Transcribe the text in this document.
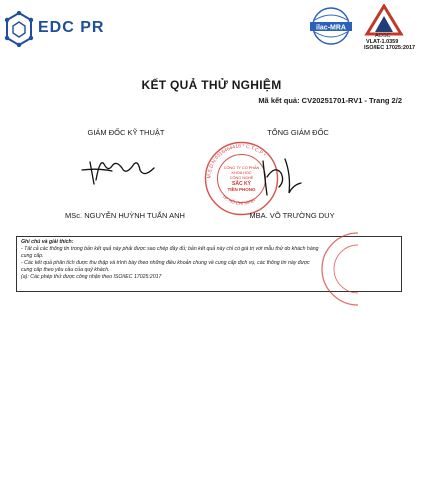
EDC PR	ilac-MRA
AOSC
VLAT-1.0359
ISO/IEC 17025:2017
KẾT QUẢ THỬ NGHIỆM
Mã kết quả: CV20251701-RV1 - Trang 2/2
GIÁM ĐỐC KỸ THUẬT	TỔNG GIÁM ĐỐC
M.S.D.N:0316464418 * C.T.C.P *
TP. HỒ CHÍ MINH
CÔNG TY CỔ PHẦN
KHOA HỌC
CÔNG NGHỆ
SẮC KÝ
TIỀN PHONG
MSc. NGUYỄN HUỲNH TUẤN ANH	MBA. VÕ TRƯỜNG DUY
Ghi chú và giải thích:
- Tất cả các thông tin trong bản kết quả này phải được sao chép đầy đủ; bản kết quả này chỉ có giá trị với mẫu thử do khách hàng
cung cấp.
- Các kết quả phân tích được thu thập và trình bày theo những điều khoản chung về cung cấp dịch vụ, các thông tin này được
cung cấp theo yêu cầu của quý khách.
(a): Các phép thử được công nhận theo ISO/IEC 17025:2017
